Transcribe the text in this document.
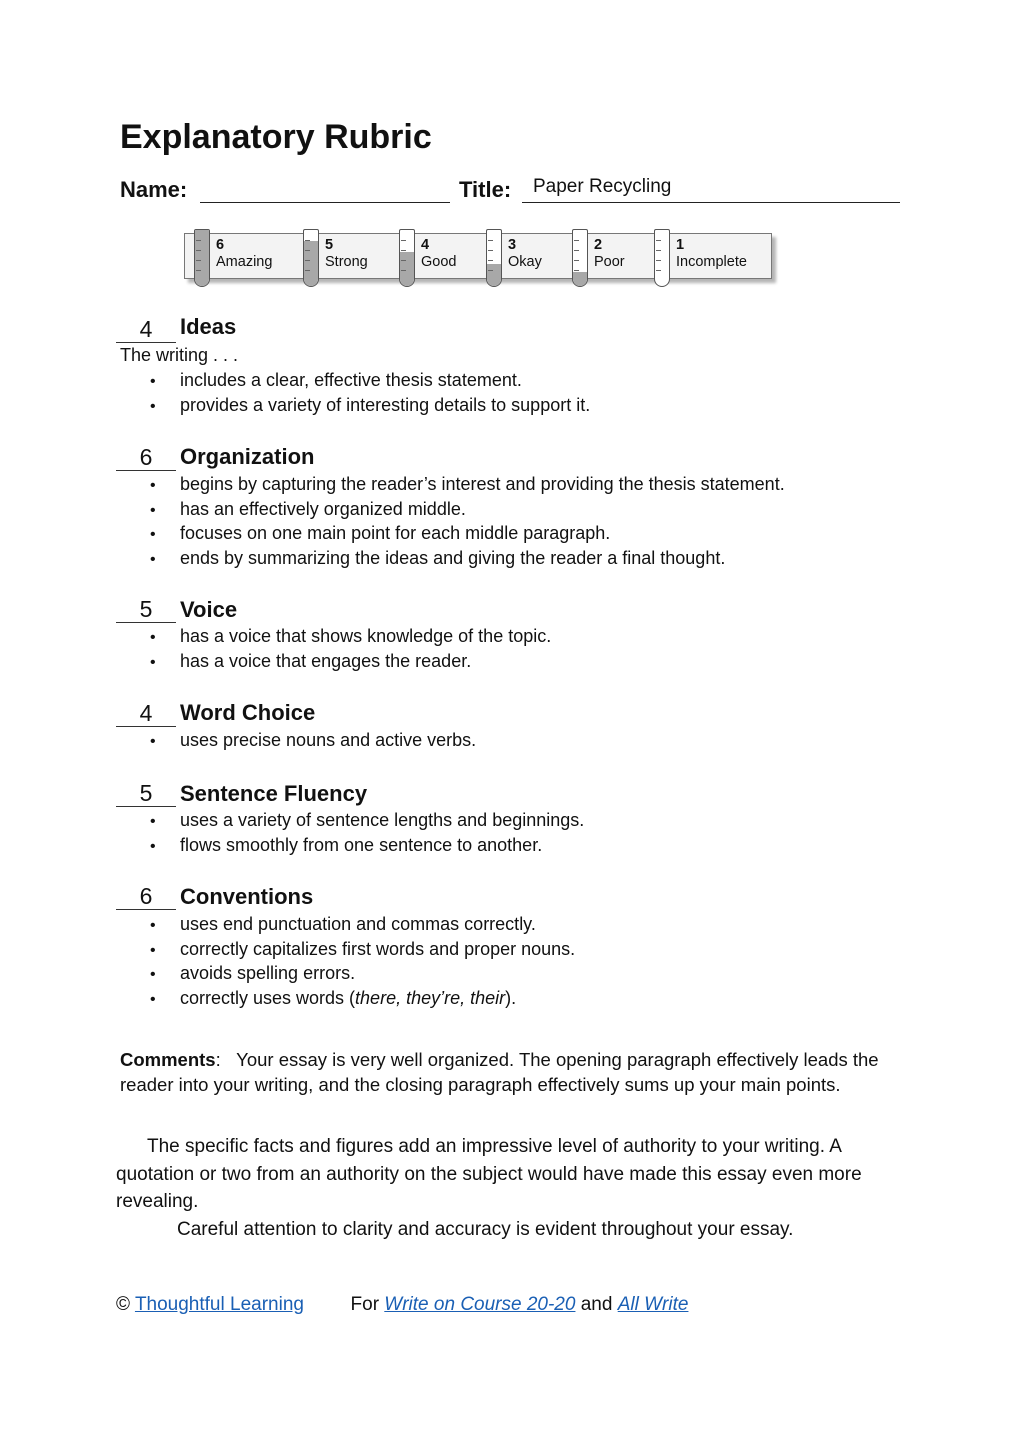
Explanatory Rubric
Name:	Title: Paper Recycling
6
Amazing
5
Strong
4
Good
3
Okay
2
Poor
1
Incomplete
4	Ideas
The writing . . .
• includes a clear, effective thesis statement.
• provides a variety of interesting details to support it.
6	Organization
• begins by capturing the reader’s interest and providing the thesis statement.
• has an effectively organized middle.
• focuses on one main point for each middle paragraph.
• ends by summarizing the ideas and giving the reader a final thought.
5	Voice
• has a voice that shows knowledge of the topic.
• has a voice that engages the reader.
4	Word Choice
• uses precise nouns and active verbs.
5	Sentence Fluency
• uses a variety of sentence lengths and beginnings.
• flows smoothly from one sentence to another.
6	Conventions
• uses end punctuation and commas correctly.
• correctly capitalizes first words and proper nouns.
• avoids spelling errors.
• correctly uses words (there, they’re, their).
Comments: Your essay is very well organized. The opening paragraph effectively leads the reader into your writing, and the closing paragraph effectively sums up your main points.
The specific facts and figures add an impressive level of authority to your writing. A quotation or two from an authority on the subject would have made this essay even more revealing.
Careful attention to clarity and accuracy is evident throughout your essay.
© Thoughtful Learning For Write on Course 20-20 and All Write
